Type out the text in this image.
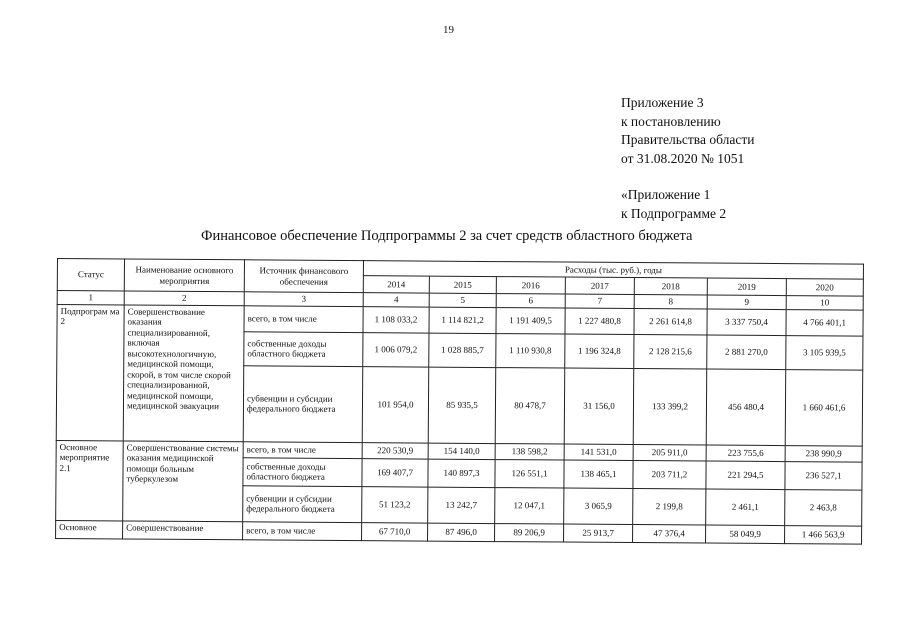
19
Приложение 3
к постановлению
Правительства области
от 31.08.2020 № 1051
«Приложение 1
к Подпрограмме 2
Финансовое обеспечение Подпрограммы 2 за счет средств областного бюджета
Статус	Наименование основного мероприятия	Источник финансового обеспечения	Расходы (тыс. руб.), годы						
			2014	2015	2016	2017	2018	2019	2020
1	2	3	4	5	6	7	8	9	10
Подпрограм ма 2	Совершенствование оказания специализированной, включая высокотехнологичную, медицинской помощи, скорой, в том числе скорой специализированной, медицинской помощи, медицинской эвакуации	всего, в том числе	1 108 033,2	1 114 821,2	1 191 409,5	1 227 480,8	2 261 614,8	3 337 750,4	4 766 401,1
		собственные доходы областного бюджета	1 006 079,2	1 028 885,7	1 110 930,8	1 196 324,8	2 128 215,6	2 881 270,0	3 105 939,5
		субвенции и субсидии федерального бюджета	101 954,0	85 935,5	80 478,7	31 156,0	133 399,2	456 480,4	1 660 461,6
Основное мероприятие 2.1	Совершенствование системы оказания медицинской помощи больным туберкулезом	всего, в том числе	220 530,9	154 140,0	138 598,2	141 531,0	205 911,0	223 755,6	238 990,9
		собственные доходы областного бюджета	169 407,7	140 897,3	126 551,1	138 465,1	203 711,2	221 294,5	236 527,1
		субвенции и субсидии федерального бюджета	51 123,2	13 242,7	12 047,1	3 065,9	2 199,8	2 461,1	2 463,8
Основное	Совершенствование	всего, в том числе	67 710,0	87 496,0	89 206,9	25 913,7	47 376,4	58 049,9	1 466 563,9
